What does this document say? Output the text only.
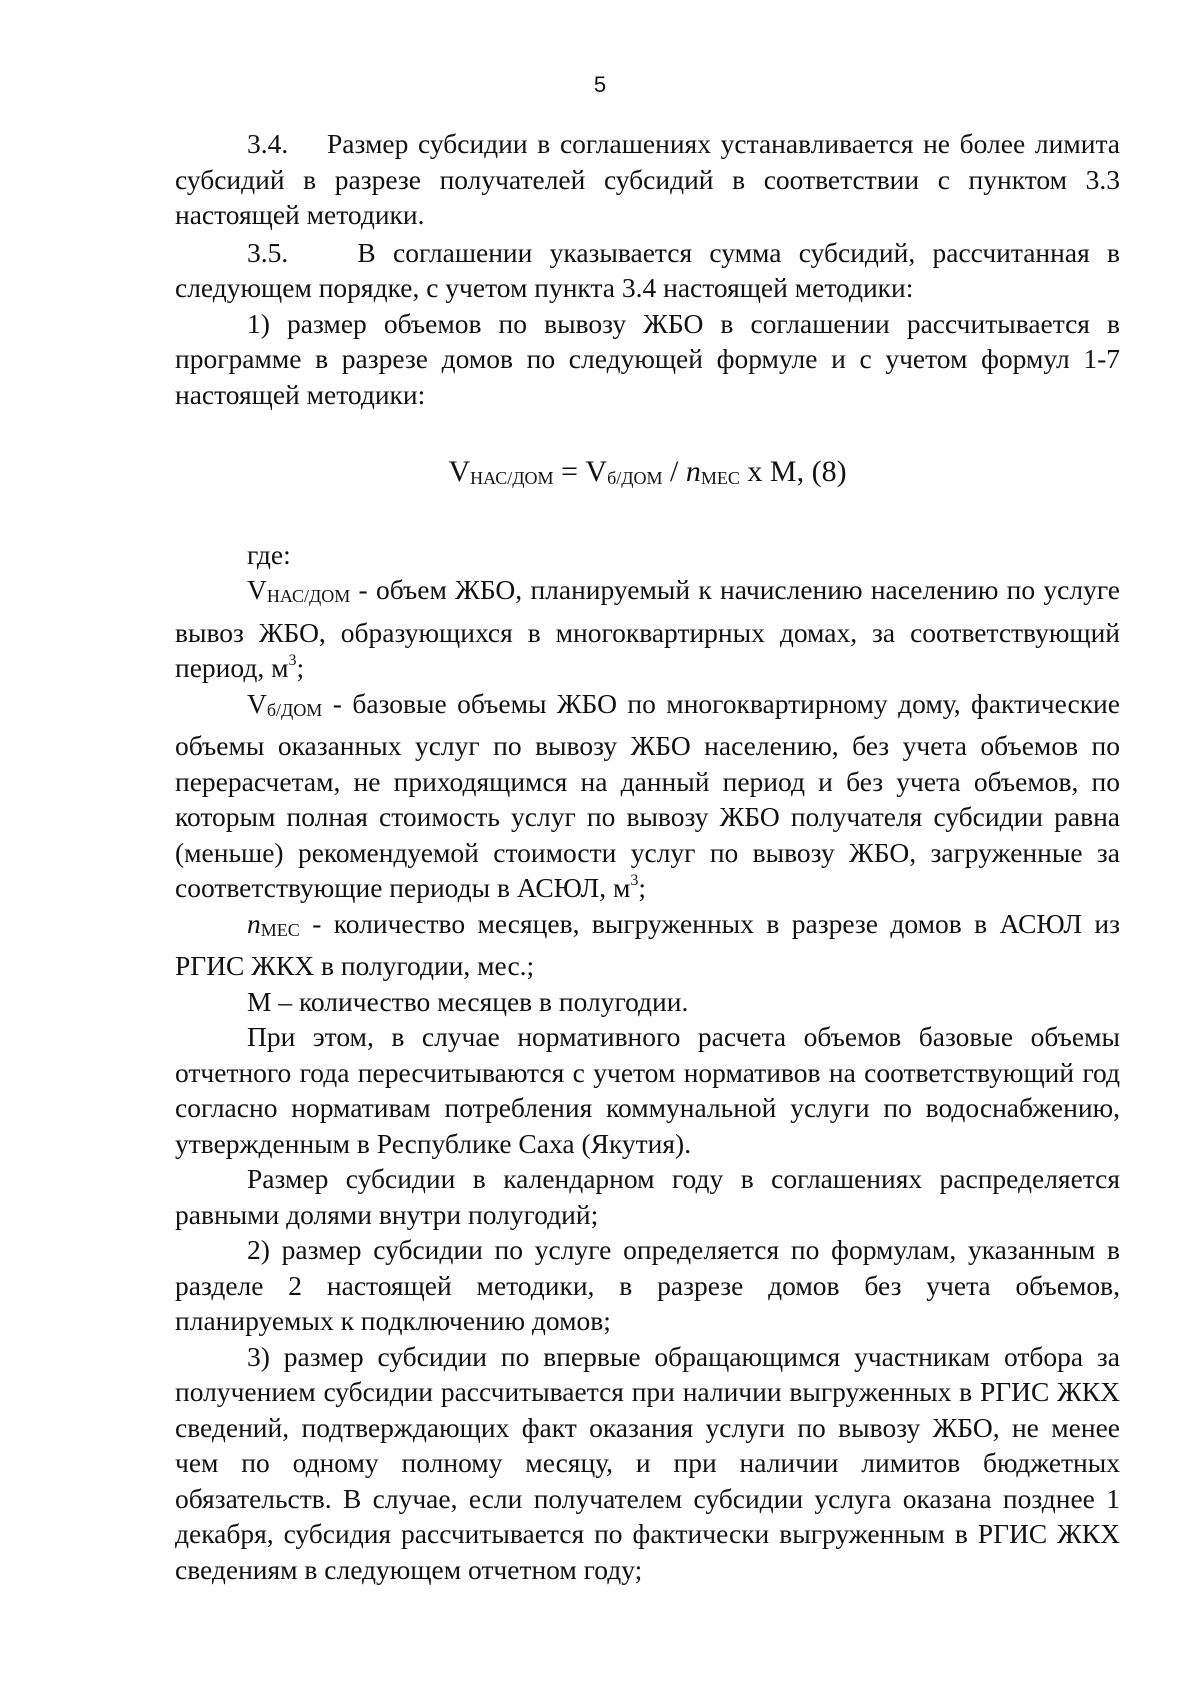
5

3.4. Размер субсидии в соглашениях устанавливается не более лимита субсидий в разрезе получателей субсидий в соответствии с пунктом 3.3 настоящей методики.

3.5.	В соглашении указывается сумма субсидий, рассчитанная в следующем порядке, с учетом пункта 3.4 настоящей методики:

1) размер объемов по вывозу ЖБО в соглашении рассчитывается в программе в разрезе домов по следующей формуле и с учетом формул 1-7 настоящей методики:

VНАС/ДОМ = Vб/ДОМ / nМЕС х М, (8)

где:

VНАС/ДОМ - объем ЖБО, планируемый к начислению населению по услуге вывоз ЖБО, образующихся в многоквартирных домах, за соответствующий период, $м^3$;

Vб/ДОМ - базовые объемы ЖБО по многоквартирному дому, фактические объемы оказанных услуг по вывозу ЖБО населению, без учета объемов по перерасчетам, не приходящимся на данный период и без учета объемов, по которым полная стоимость услуг по вывозу ЖБО получателя субсидии равна (меньше) рекомендуемой стоимости услуг по вывозу ЖБО, загруженные за соответствующие периоды в АСЮЛ, $м^3$;

nМЕС - количество месяцев, выгруженных в разрезе домов в АСЮЛ из РГИС ЖКХ в полугодии, мес.;

М – количество месяцев в полугодии.

При этом, в случае нормативного расчета объемов базовые объемы отчетного года пересчитываются с учетом нормативов на соответствующий год согласно нормативам потребления коммунальной услуги по водоснабжению, утвержденным в Республике Саха (Якутия).

Размер субсидии в календарном году в соглашениях распределяется равными долями внутри полугодий;

2) размер субсидии по услуге определяется по формулам, указанным в разделе 2 настоящей методики, в разрезе домов без учета объемов, планируемых к подключению домов;

3) размер субсидии по впервые обращающимся участникам отбора за получением субсидии рассчитывается при наличии выгруженных в РГИС ЖКХ сведений, подтверждающих факт оказания услуги по вывозу ЖБО, не менее чем по одному полному месяцу, и при наличии лимитов бюджетных обязательств. В случае, если получателем субсидии услуга оказана позднее 1 декабря, субсидия рассчитывается по фактически выгруженным в РГИС ЖКХ сведениям в следующем отчетном году;
